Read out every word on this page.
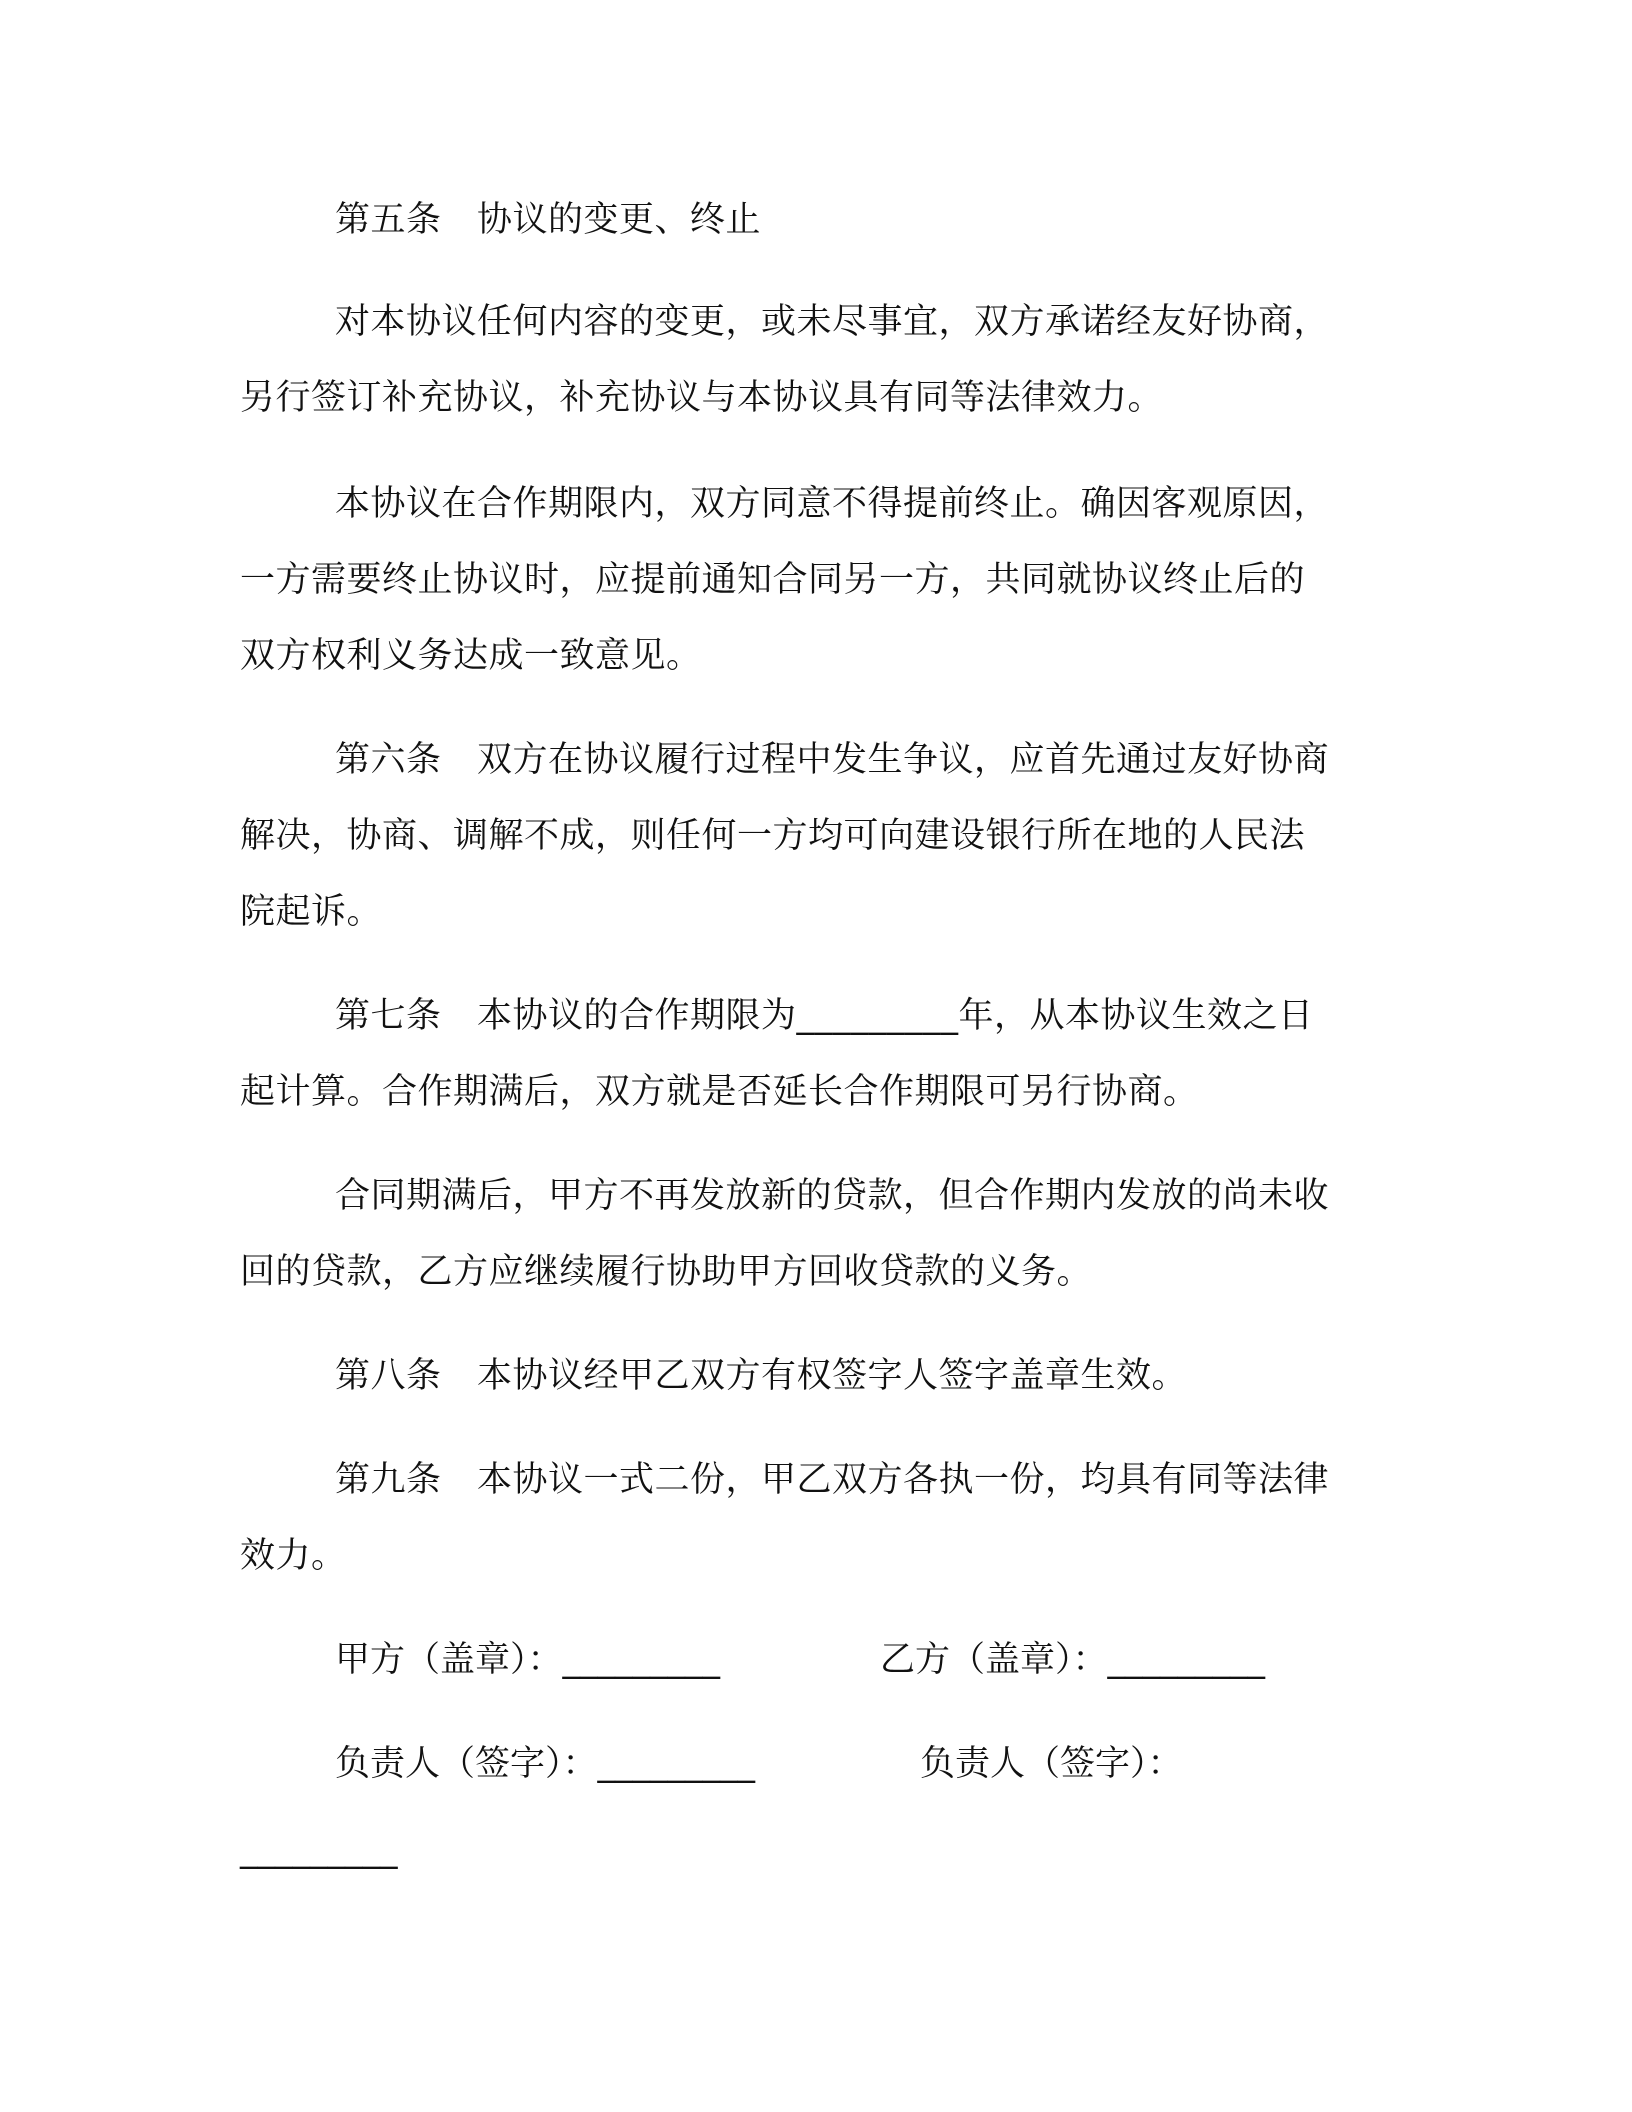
第五条　协议的变更、终止
对本协议任何内容的变更，或未尽事宜，双方承诺经友好协商，
另行签订补充协议，补充协议与本协议具有同等法律效力。
本协议在合作期限内，双方同意不得提前终止。确因客观原因，
一方需要终止协议时，应提前通知合同另一方，共同就协议终止后的
双方权利义务达成一致意见。
第六条　双方在协议履行过程中发生争议，应首先通过友好协商
解决，协商、调解不成，则任何一方均可向建设银行所在地的人民法
院起诉。
第七条　本协议的合作期限为_________年，从本协议生效之日
起计算。合作期满后，双方就是否延长合作期限可另行协商。
合同期满后，甲方不再发放新的贷款，但合作期内发放的尚未收
回的贷款，乙方应继续履行协助甲方回收贷款的义务。
第八条　本协议经甲乙双方有权签字人签字盖章生效。
第九条　本协议一式二份，甲乙双方各执一份，均具有同等法律
效力。
甲方（盖章）：_________	乙方（盖章）：_________
负责人（签字）：_________	负责人（签字）：
_________
